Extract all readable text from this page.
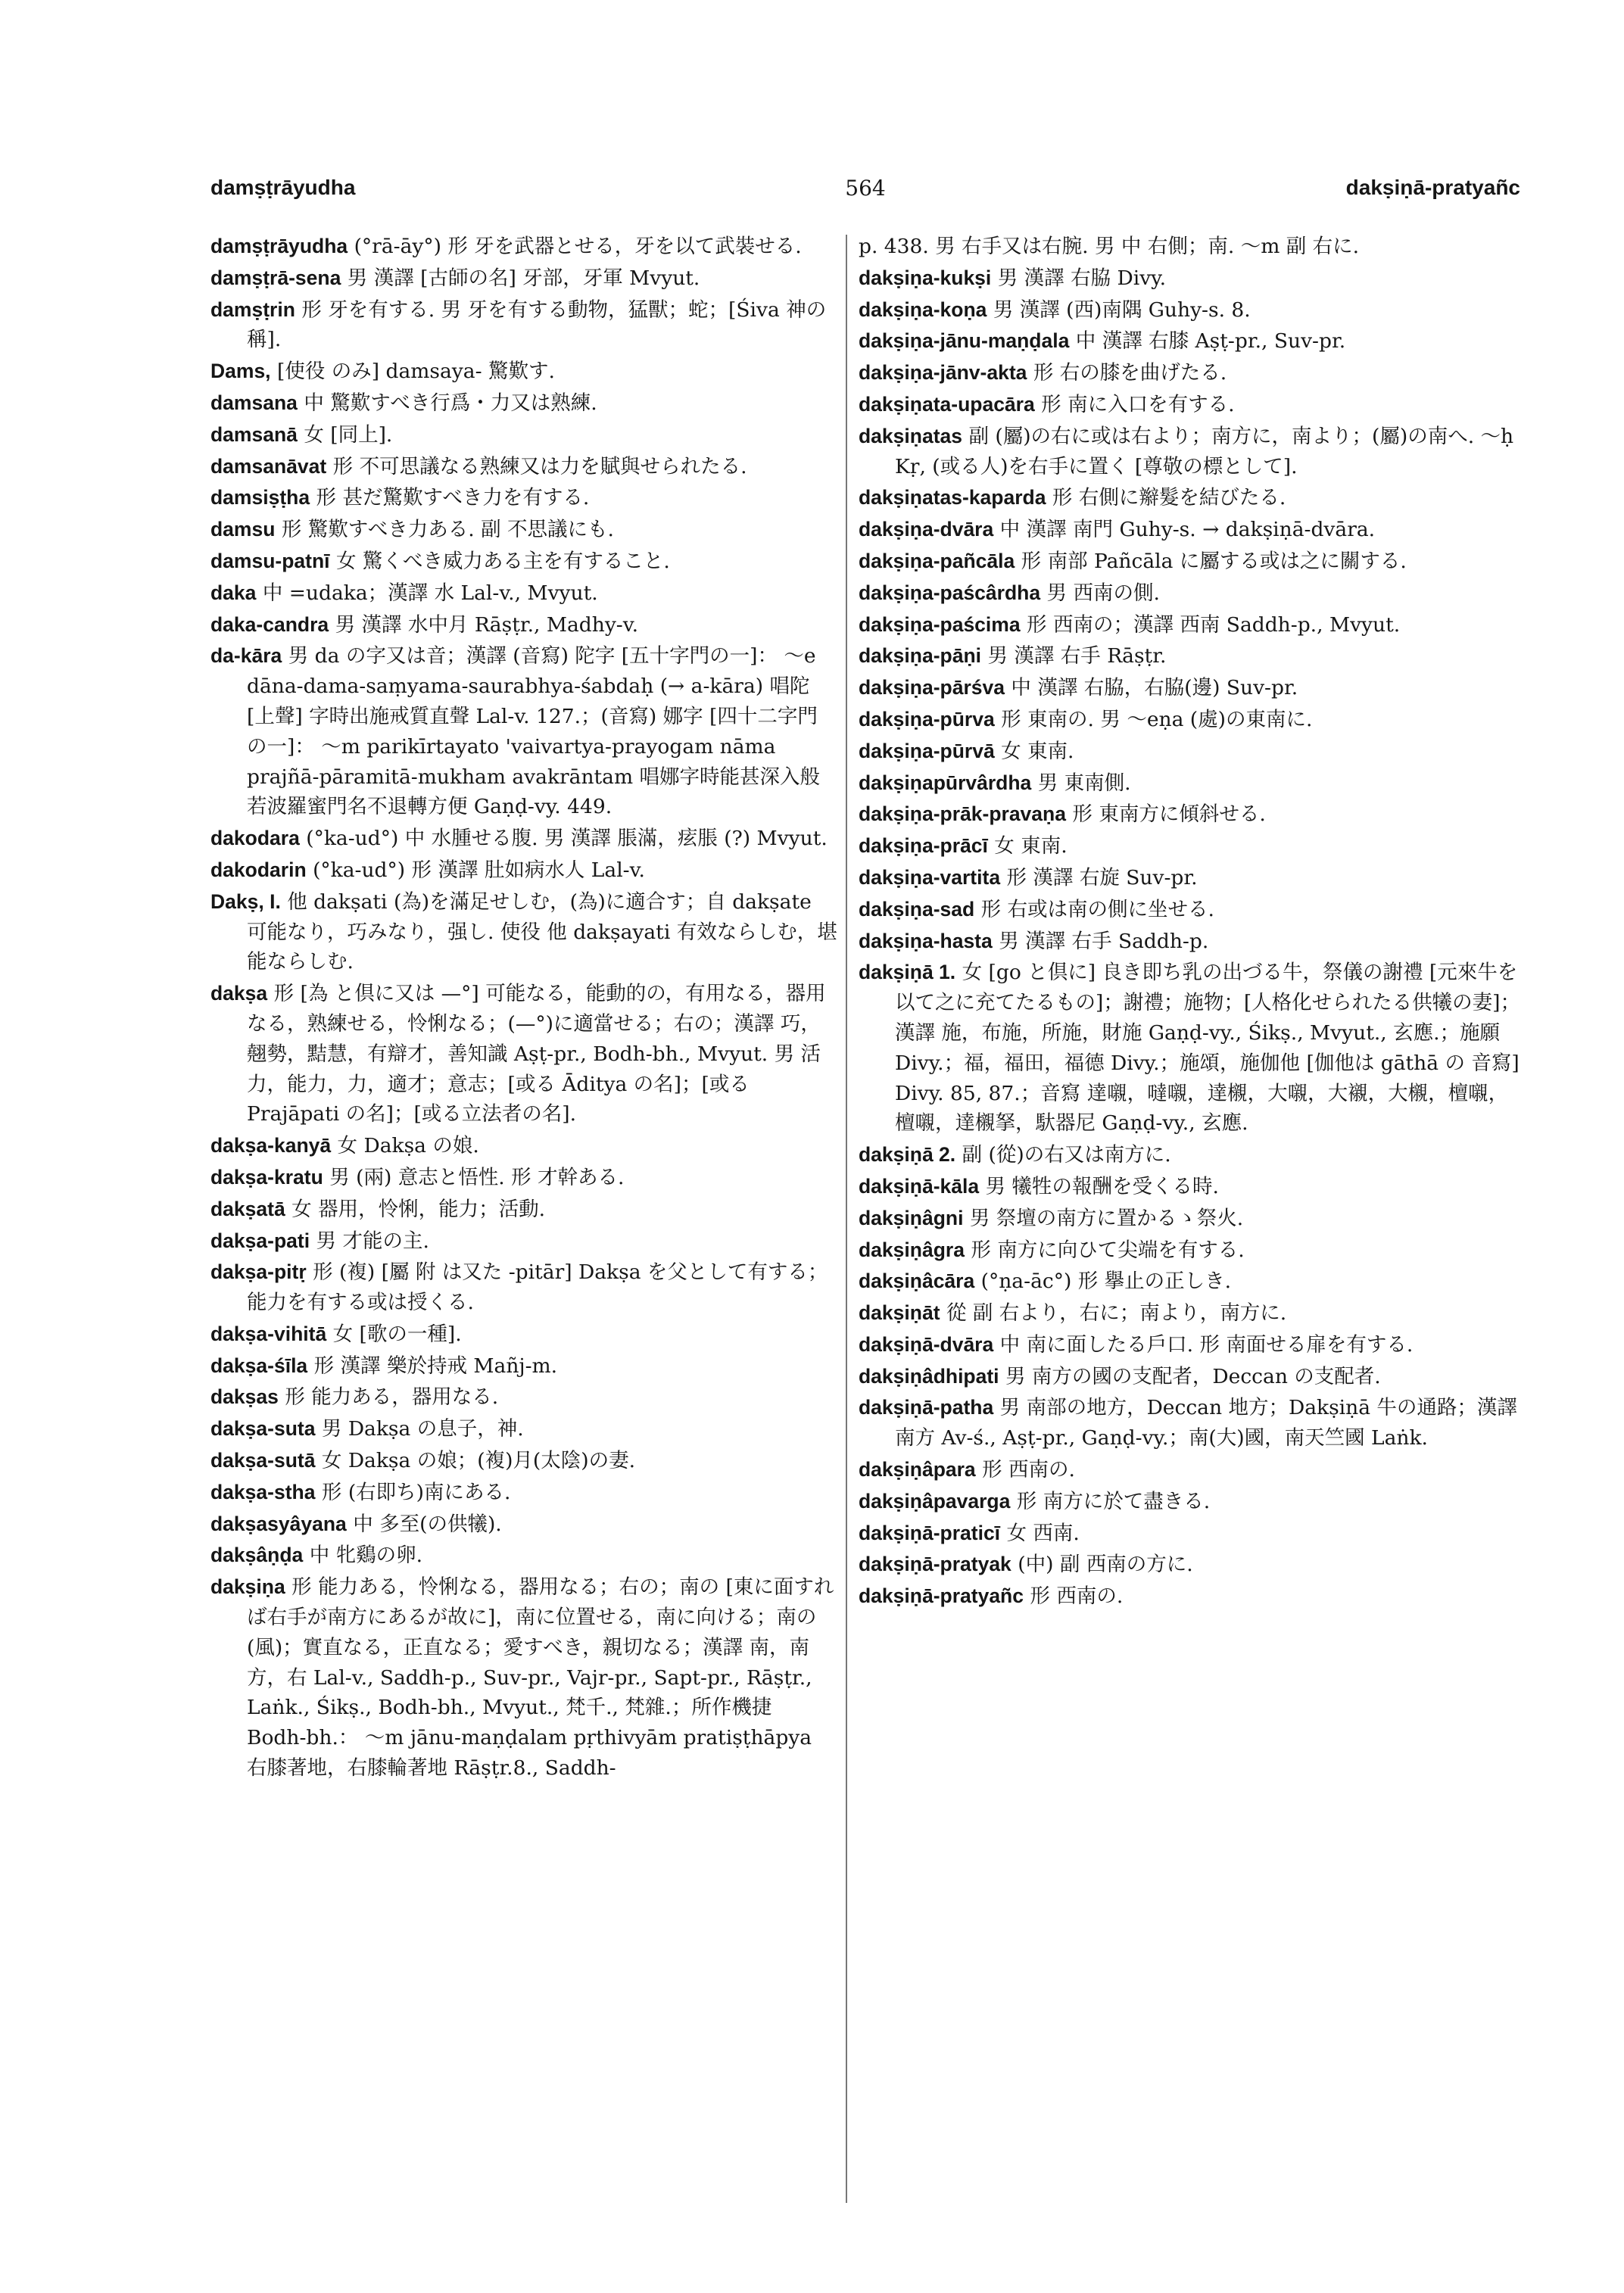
damṣṭrāyudha	564	dakṣiṇā-pratyañc

damṣṭrāyudha (°rā-āy°) 形 牙を武器とせる，牙を以て武裝せる.

damṣṭrā-sena 男 漢譯 [古師の名] 牙部，牙軍 Mvyut.

damṣṭrin 形 牙を有する. 男 牙を有する動物，猛獸；蛇；[Śiva 神の稱].

Dams, [使役 のみ] damsaya- 驚歎す.

damsana 中 驚歎すべき行爲・力又は熟練.

damsanā 女 [同上].

damsanāvat 形 不可思議なる熟練又は力を賦與せられたる.

damsiṣṭha 形 甚だ驚歎すべき力を有する.

damsu 形 驚歎すべき力ある. 副 不思議にも.

damsu-patnī 女 驚くべき威力ある主を有すること.

daka 中 =udaka；漢譯 水 Lal-v., Mvyut.

daka-candra 男 漢譯 水中月 Rāṣṭr., Madhy-v.

da-kāra 男 da の字又は音；漢譯 (音寫) 陀字 [五十字門の一]： ～e dāna-dama-saṃyama-saurabhya-śabdaḥ (→ a-kāra) 唱陀 [上聲] 字時出施戒質直聲 Lal-v. 127.；(音寫) 娜字 [四十二字門の一]： ～m parikīrtayato 'vaivartya-prayogam nāma prajñā-pāramitā-mukham avakrāntam 唱娜字時能甚深入般若波羅蜜門名不退轉方便 Gaṇḍ-vy. 449.

dakodara (°ka-ud°) 中 水腫せる腹. 男 漢譯 脹滿，痃脹 (?) Mvyut.

dakodarin (°ka-ud°) 形 漢譯 肚如病水人 Lal-v.

Dakṣ, I. 他 dakṣati (為)を滿足せしむ，(為)に適合す；自 dakṣate 可能なり，巧みなり，强し. 使役 他 dakṣayati 有效ならしむ，堪能ならしむ.

dakṣa 形 [為 と倶に又は —°] 可能なる，能動的の，有用なる，器用なる，熟練せる，怜悧なる；(—°)に適當せる；右の；漢譯 巧，翹勢，黠慧，有辯才，善知識 Aṣṭ-pr., Bodh-bh., Mvyut. 男 活力，能力，力，適才；意志；[或る Āditya の名]；[或る Prajāpati の名]；[或る立法者の名].

dakṣa-kanyā 女 Dakṣa の娘.

dakṣa-kratu 男 (兩) 意志と悟性. 形 才幹ある.

dakṣatā 女 器用，怜悧，能力；活動.

dakṣa-pati 男 才能の主.

dakṣa-pitṛ 形 (複) [屬 附 は又た -pitār] Dakṣa を父として有する；能力を有する或は授くる.

dakṣa-vihitā 女 [歌の一種].

dakṣa-śīla 形 漢譯 樂於持戒 Mañj-m.

dakṣas 形 能力ある，器用なる.

dakṣa-suta 男 Dakṣa の息子，神.

dakṣa-sutā 女 Dakṣa の娘；(複)月(太陰)の妻.

dakṣa-stha 形 (右即ち)南にある.

dakṣasyâyana 中 多至(の供犧).

dakṣâṇḍa 中 牝鷄の卵.

dakṣiṇa 形 能力ある，怜悧なる，器用なる；右の；南の [東に面すれば右手が南方にあるが故に]，南に位置せる，南に向ける；南の(風)；實直なる，正直なる；愛すべき，親切なる；漢譯 南，南方，右 Lal-v., Saddh-p., Suv-pr., Vajr-pr., Sapt-pr., Rāṣṭr., Laṅk., Śikṣ., Bodh-bh., Mvyut., 梵千., 梵雜.；所作機捷 Bodh-bh.： ～m jānu-maṇḍalam pṛthivyām pratiṣṭhāpya 右膝著地，右膝輪著地 Rāṣṭr.8., Saddh-

p. 438. 男 右手又は右腕. 男 中 右側；南. ～m 副 右に.

dakṣiṇa-kukṣi 男 漢譯 右脇 Divy.

dakṣiṇa-koṇa 男 漢譯 (西)南隅 Guhy-s. 8.

dakṣiṇa-jānu-maṇḍala 中 漢譯 右膝 Aṣṭ-pr., Suv-pr.

dakṣiṇa-jānv-akta 形 右の膝を曲げたる.

dakṣiṇata-upacāra 形 南に入口を有する.

dakṣiṇatas 副 (屬)の右に或は右より；南方に，南より；(屬)の南へ. ～ḥ Kṛ, (或る人)を右手に置く [尊敬の標として].

dakṣiṇatas-kaparda 形 右側に辮髮を結びたる.

dakṣiṇa-dvāra 中 漢譯 南門 Guhy-s. → dakṣiṇā-dvāra.

dakṣiṇa-pañcāla 形 南部 Pañcāla に屬する或は之に關する.

dakṣiṇa-paścârdha 男 西南の側.

dakṣiṇa-paścima 形 西南の；漢譯 西南 Saddh-p., Mvyut.

dakṣiṇa-pāṇi 男 漢譯 右手 Rāṣṭr.

dakṣiṇa-pārśva 中 漢譯 右脇，右脇(邊) Suv-pr.

dakṣiṇa-pūrva 形 東南の. 男 ～eṇa (處)の東南に.

dakṣiṇa-pūrvā 女 東南.

dakṣiṇapūrvârdha 男 東南側.

dakṣiṇa-prāk-pravaṇa 形 東南方に傾斜せる.

dakṣiṇa-prācī 女 東南.

dakṣiṇa-vartita 形 漢譯 右旋 Suv-pr.

dakṣiṇa-sad 形 右或は南の側に坐せる.

dakṣiṇa-hasta 男 漢譯 右手 Saddh-p.

dakṣiṇā 1. 女 [go と倶に] 良き即ち乳の出づる牛，祭儀の謝禮 [元來牛を以て之に充てたるもの]；謝禮；施物；[人格化せられたる供犧の妻]；漢譯 施，布施，所施，財施 Gaṇḍ-vy., Śikṣ., Mvyut., 玄應.；施願 Divy.；福，福田，福德 Divy.；施頌，施伽他 [伽他は gāthā の 音寫] Divy. 85, 87.；音寫 達嚫，噠嚫，達櫬，大嚫，大襯，大櫬，檀嚫，檀嚫，達櫬拏，馱器尼 Gaṇḍ-vy., 玄應.

dakṣiṇā 2. 副 (從)の右又は南方に.

dakṣiṇā-kāla 男 犧牲の報酬を受くる時.

dakṣiṇâgni 男 祭壇の南方に置かるゝ祭火.

dakṣiṇâgra 形 南方に向ひて尖端を有する.

dakṣiṇâcāra (°ṇa-āc°) 形 擧止の正しき.

dakṣiṇāt 從 副 右より，右に；南より，南方に.

dakṣiṇā-dvāra 中 南に面したる戶口. 形 南面せる扉を有する.

dakṣiṇâdhipati 男 南方の國の支配者，Deccan の支配者.

dakṣiṇā-patha 男 南部の地方，Deccan 地方；Dakṣiṇā 牛の通路；漢譯 南方 Av-ś., Aṣṭ-pr., Gaṇḍ-vy.；南(大)國，南天竺國 Laṅk.

dakṣiṇâpara 形 西南の.

dakṣiṇâpavarga 形 南方に於て盡きる.

dakṣiṇā-praticī 女 西南.

dakṣiṇā-pratyak (中) 副 西南の方に.

dakṣiṇā-pratyañc 形 西南の.
